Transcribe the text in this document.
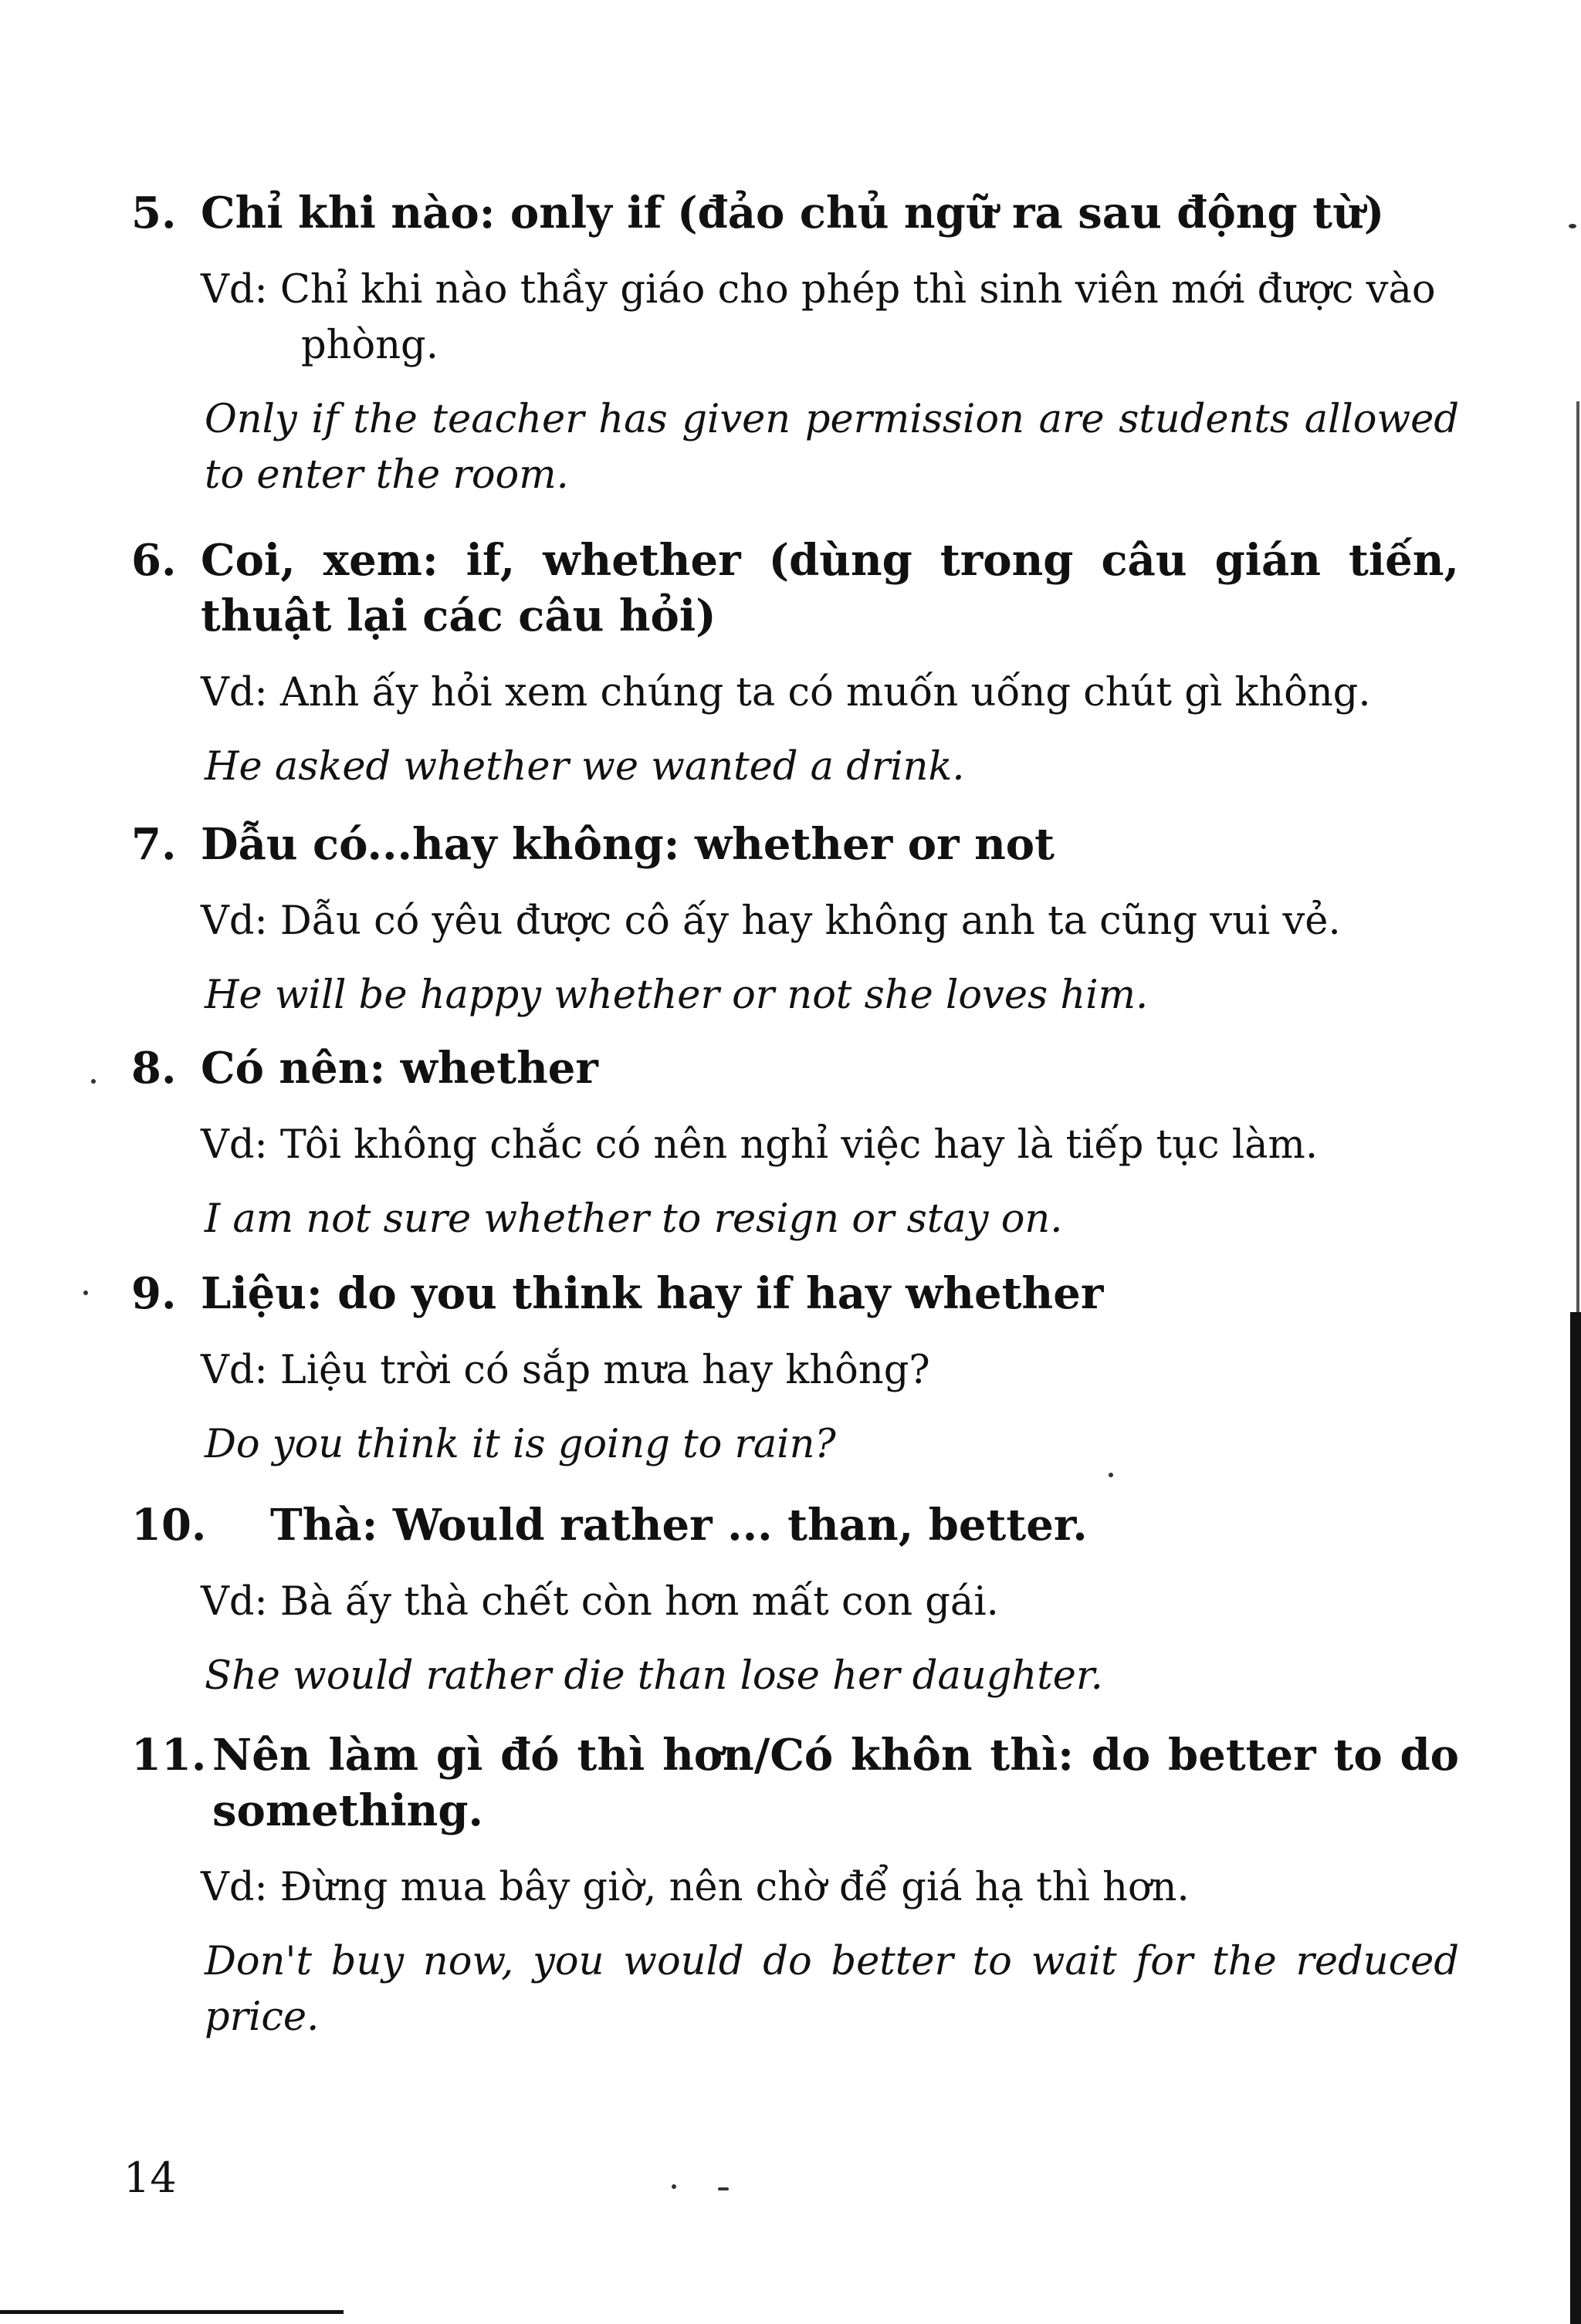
5. Chỉ khi nào: only if (đảo chủ ngữ ra sau động từ)
Vd: Chỉ khi nào thầy giáo cho phép thì sinh viên mới được vào phòng.
Only if the teacher has given permission are students allowed to enter the room.
6. Coi, xem: if, whether (dùng trong câu gián tiến, thuật lại các câu hỏi)
Vd: Anh ấy hỏi xem chúng ta có muốn uống chút gì không.
He asked whether we wanted a drink.
7. Dẫu có...hay không: whether or not
Vd: Dẫu có yêu được cô ấy hay không anh ta cũng vui vẻ.
He will be happy whether or not she loves him.
8. Có nên: whether
Vd: Tôi không chắc có nên nghỉ việc hay là tiếp tục làm.
I am not sure whether to resign or stay on.
9. Liệu: do you think hay if hay whether
Vd: Liệu trời có sắp mưa hay không?
Do you think it is going to rain?
10.	Thà: Would rather ... than, better.
Vd: Bà ấy thà chết còn hơn mất con gái.
She would rather die than lose her daughter.
11. Nên làm gì đó thì hơn/Có khôn thì: do better to do something.
Vd: Đừng mua bây giờ, nên chờ để giá hạ thì hơn.
Don't buy now, you would do better to wait for the reduced price.
14
